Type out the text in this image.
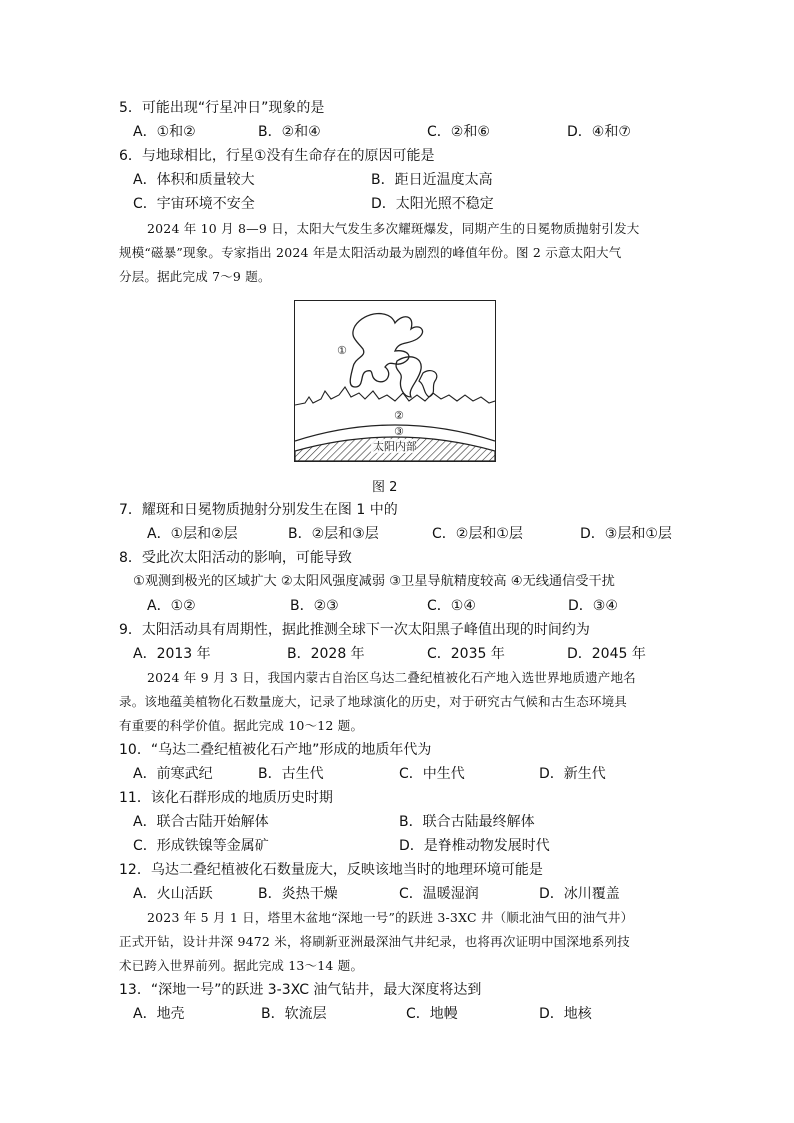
5．可能出现“行星冲日”现象的是
A．①和②	B．②和④	C．②和⑥	D．④和⑦
6．与地球相比，行星①没有生命存在的原因可能是
A．体积和质量较大	B．距日近温度太高
C．宇宙环境不安全	D．太阳光照不稳定
2024 年 10 月 8—9 日，太阳大气发生多次耀斑爆发，同期产生的日冕物质抛射引发大
规模“磁暴”现象。专家指出 2024 年是太阳活动最为剧烈的峰值年份。图 2 示意太阳大气
分层。据此完成 7～9 题。
①
②
③
太阳内部
图 2
7．耀斑和日冕物质抛射分别发生在图 1 中的
A．①层和②层	B．②层和③层	C．②层和①层	D．③层和①层
8．受此次太阳活动的影响，可能导致
①观测到极光的区域扩大 ②太阳风强度减弱 ③卫星导航精度较高 ④无线通信受干扰
A．①②	B．②③	C．①④	D．③④
9．太阳活动具有周期性，据此推测全球下一次太阳黑子峰值出现的时间约为
A．2013 年	B．2028 年	C．2035 年	D．2045 年
2024 年 9 月 3 日，我国内蒙古自治区乌达二叠纪植被化石产地入选世界地质遗产地名
录。该地蕴美植物化石数量庞大，记录了地球演化的历史，对于研究古气候和古生态环境具
有重要的科学价值。据此完成 10～12 题。
10．“乌达二叠纪植被化石产地”形成的地质年代为
A．前寒武纪	B．古生代	C．中生代	D．新生代
11．该化石群形成的地质历史时期
A．联合古陆开始解体	B．联合古陆最终解体
C．形成铁镍等金属矿	D．是脊椎动物发展时代
12．乌达二叠纪植被化石数量庞大，反映该地当时的地理环境可能是
A．火山活跃	B．炎热干燥	C．温暖湿润	D．冰川覆盖
2023 年 5 月 1 日，塔里木盆地“深地一号”的跃进 3-3XC 井（顺北油气田的油气井）
正式开钻，设计井深 9472 米，将刷新亚洲最深油气井纪录，也将再次证明中国深地系列技
术已跨入世界前列。据此完成 13～14 题。
13．“深地一号”的跃进 3-3XC 油气钻井，最大深度将达到
A．地壳	B．软流层	C．地幔	D．地核
